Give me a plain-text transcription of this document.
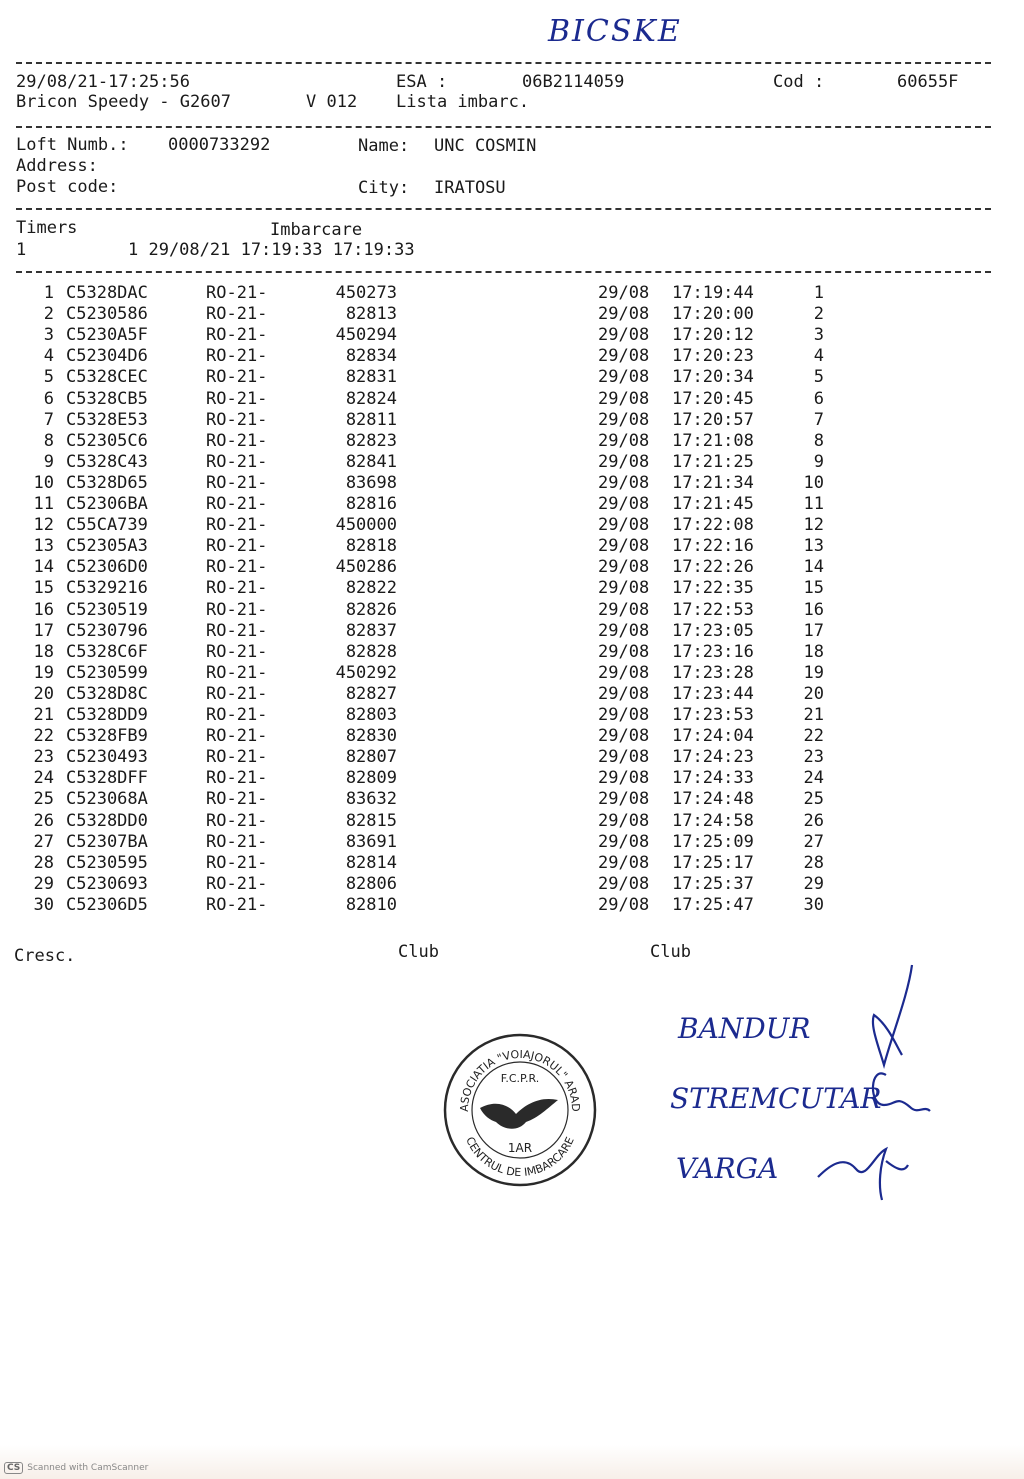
BICSKE
29/08/21-17:25:56	ESA :	06B2114059	Cod :	60655F
Bricon Speedy - G2607	V 012 Lista imbarc.
Loft Numb.: 0000733292	Name: UNC COSMIN
Address:
Post code:	City: IRATOSU
Timers	Imbarcare
1	1 29/08/21 17:19:33 17:19:33
1 C5328DAC	RO-21-	450273	29/08 17:19:44	1
2 C5230586	RO-21-	82813	29/08 17:20:00	2
3 C5230A5F	RO-21-	450294	29/08 17:20:12	3
4 C52304D6	RO-21-	82834	29/08 17:20:23	4
5 C5328CEC	RO-21-	82831	29/08 17:20:34	5
6 C5328CB5	RO-21-	82824	29/08 17:20:45	6
7 C5328E53	RO-21-	82811	29/08 17:20:57	7
8 C52305C6	RO-21-	82823	29/08 17:21:08	8
9 C5328C43	RO-21-	82841	29/08 17:21:25	9
10 C5328D65	RO-21-	83698	29/08 17:21:34	10
11 C52306BA	RO-21-	82816	29/08 17:21:45	11
12 C55CA739	RO-21-	450000	29/08 17:22:08	12
13 C52305A3	RO-21-	82818	29/08 17:22:16	13
14 C52306D0	RO-21-	450286	29/08 17:22:26	14
15 C5329216	RO-21-	82822	29/08 17:22:35	15
16 C5230519	RO-21-	82826	29/08 17:22:53	16
17 C5230796	RO-21-	82837	29/08 17:23:05	17
18 C5328C6F	RO-21-	82828	29/08 17:23:16	18
19 C5230599	RO-21-	450292	29/08 17:23:28	19
20 C5328D8C	RO-21-	82827	29/08 17:23:44	20
21 C5328DD9	RO-21-	82803	29/08 17:23:53	21
22 C5328FB9	RO-21-	82830	29/08 17:24:04	22
23 C5230493	RO-21-	82807	29/08 17:24:23	23
24 C5328DFF	RO-21-	82809	29/08 17:24:33	24
25 C523068A	RO-21-	83632	29/08 17:24:48	25
26 C5328DD0	RO-21-	82815	29/08 17:24:58	26
27 C52307BA	RO-21-	83691	29/08 17:25:09	27
28 C5230595	RO-21-	82814	29/08 17:25:17	28
29 C5230693	RO-21-	82806	29/08 17:25:37	29
30 C52306D5	RO-21-	82810	29/08 17:25:47	30
Cresc.	Club	Club
BANDUR
STREMCUTAR
VARGA
ASOCIATIA "VOIAJORUL" ARAD
F.C.P.R.
1AR
CENTRUL DE IMBARCARE
CS Scanned with CamScanner
